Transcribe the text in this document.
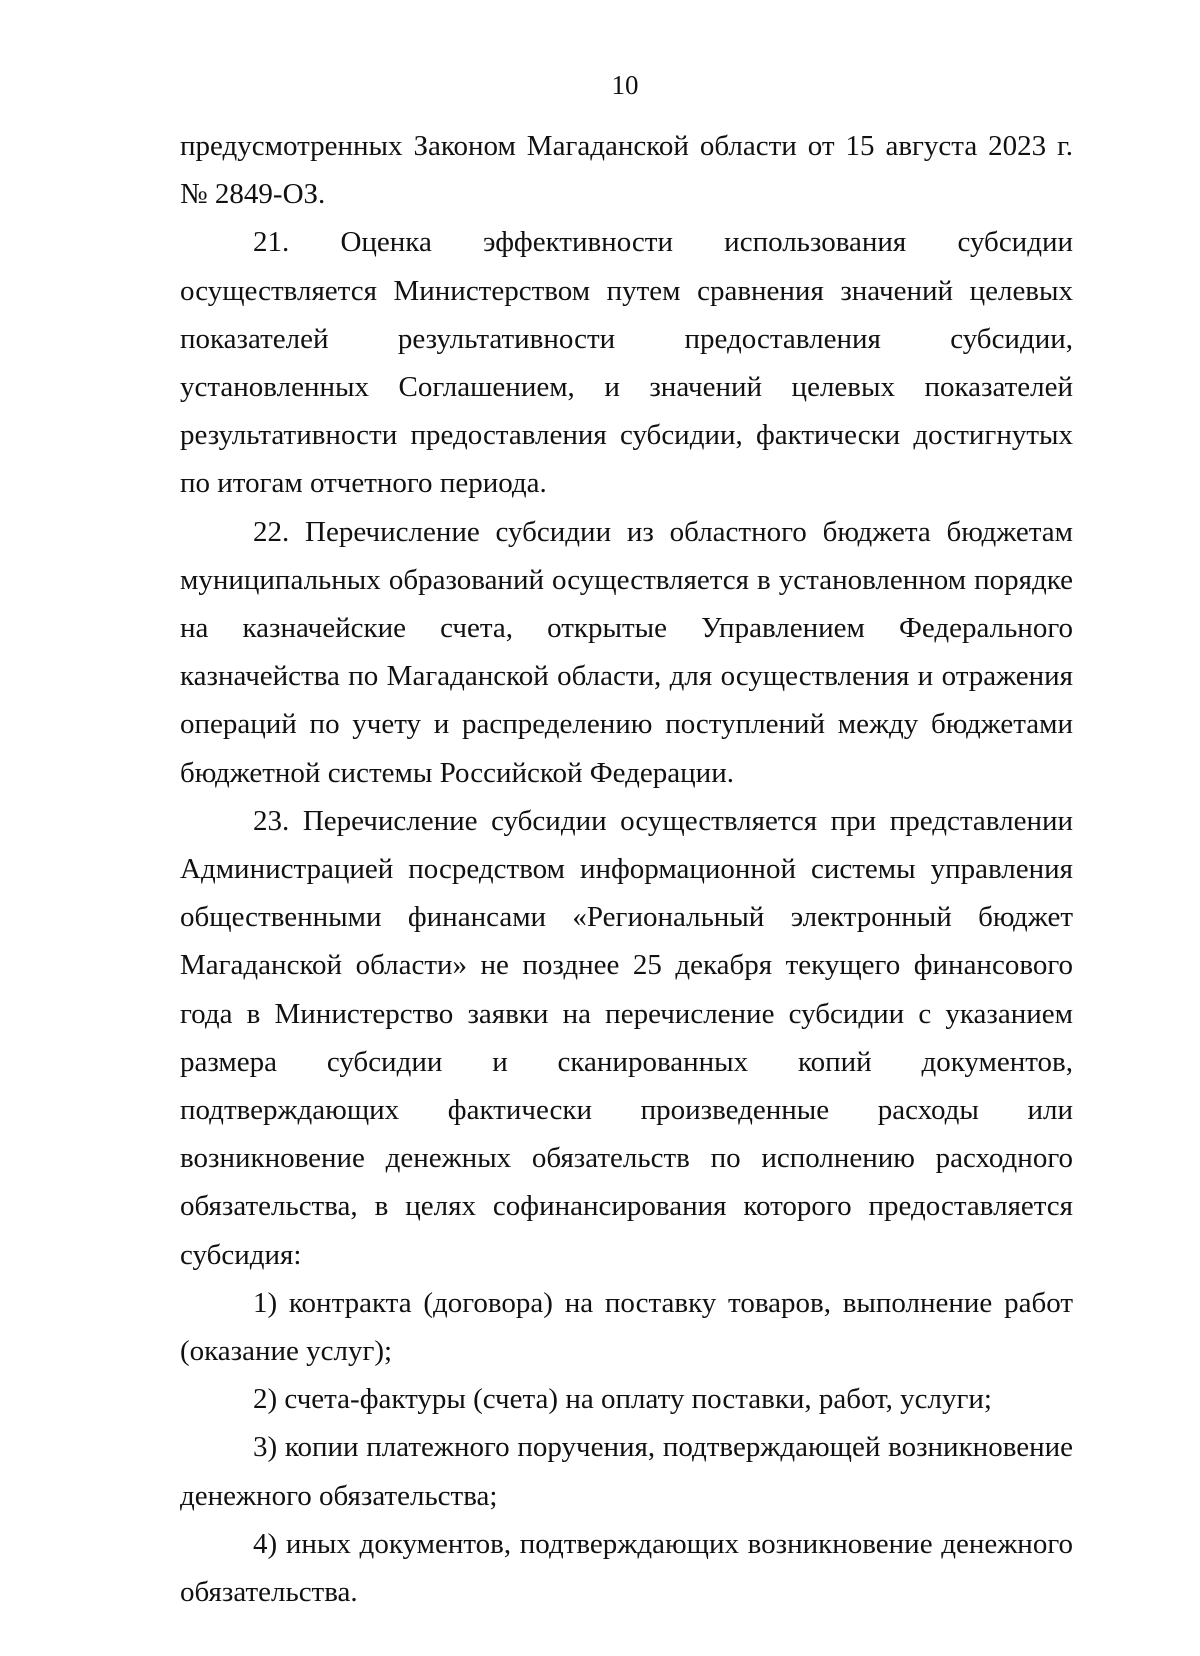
10

предусмотренных Законом Магаданской области от 15 августа 2023 г. № 2849-ОЗ.

21. Оценка эффективности использования субсидии осуществляется Министерством путем сравнения значений целевых показателей результативности предоставления субсидии, установленных Соглашением, и значений целевых показателей результативности предоставления субсидии, фактически достигнутых по итогам отчетного периода.

22. Перечисление субсидии из областного бюджета бюджетам муниципальных образований осуществляется в установленном порядке на казначейские счета, открытые Управлением Федерального казначейства по Магаданской области, для осуществления и отражения операций по учету и распределению поступлений между бюджетами бюджетной системы Российской Федерации.

23. Перечисление субсидии осуществляется при представлении Администрацией посредством информационной системы управления общественными финансами «Региональный электронный бюджет Магаданской области» не позднее 25 декабря текущего финансового года в Министерство заявки на перечисление субсидии с указанием размера субсидии и сканированных копий документов, подтверждающих фактически произведенные расходы или возникновение денежных обязательств по исполнению расходного обязательства, в целях софинансирования которого предоставляется субсидия:

1) контракта (договора) на поставку товаров, выполнение работ (оказание услуг);

2) счета-фактуры (счета) на оплату поставки, работ, услуги;

3) копии платежного поручения, подтверждающей возникновение денежного обязательства;

4) иных документов, подтверждающих возникновение денежного обязательства.
